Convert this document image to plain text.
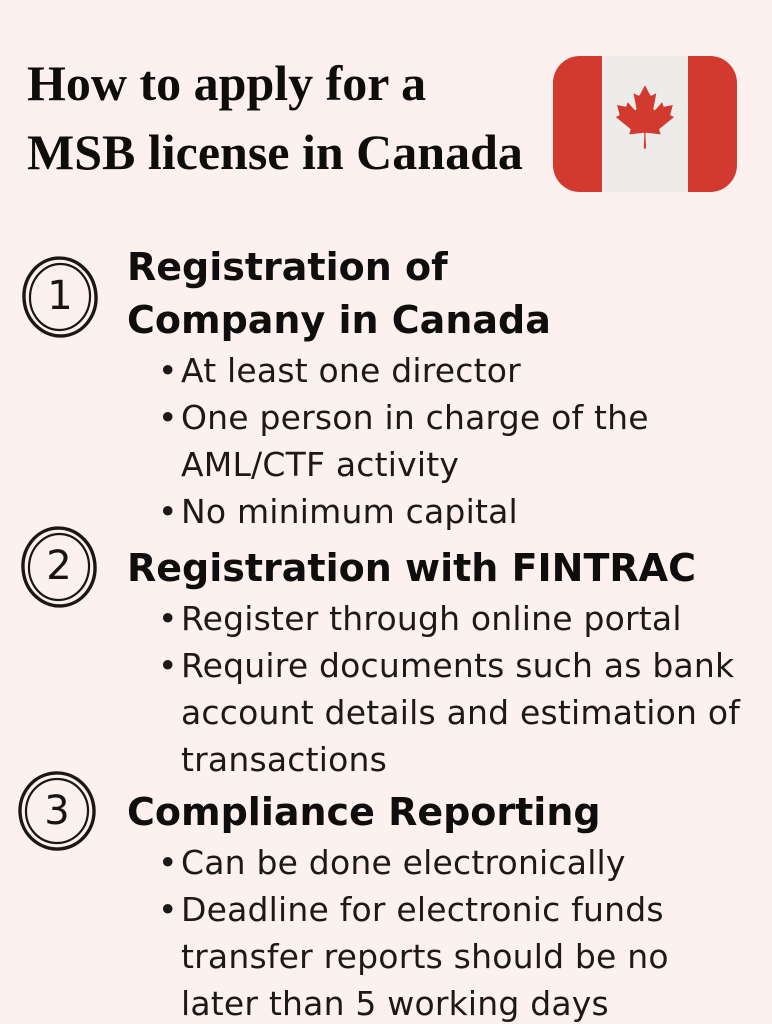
How to apply for a
MSB license in Canada
1
2
3
Registration of
Company in Canada
• At least one director
• One person in charge of the
AML/CTF activity
• No minimum capital
Registration with FINTRAC
• Register through online portal
• Require documents such as bank
account details and estimation of
transactions
Compliance Reporting
• Can be done electronically
• Deadline for electronic funds
transfer reports should be no
later than 5 working days
